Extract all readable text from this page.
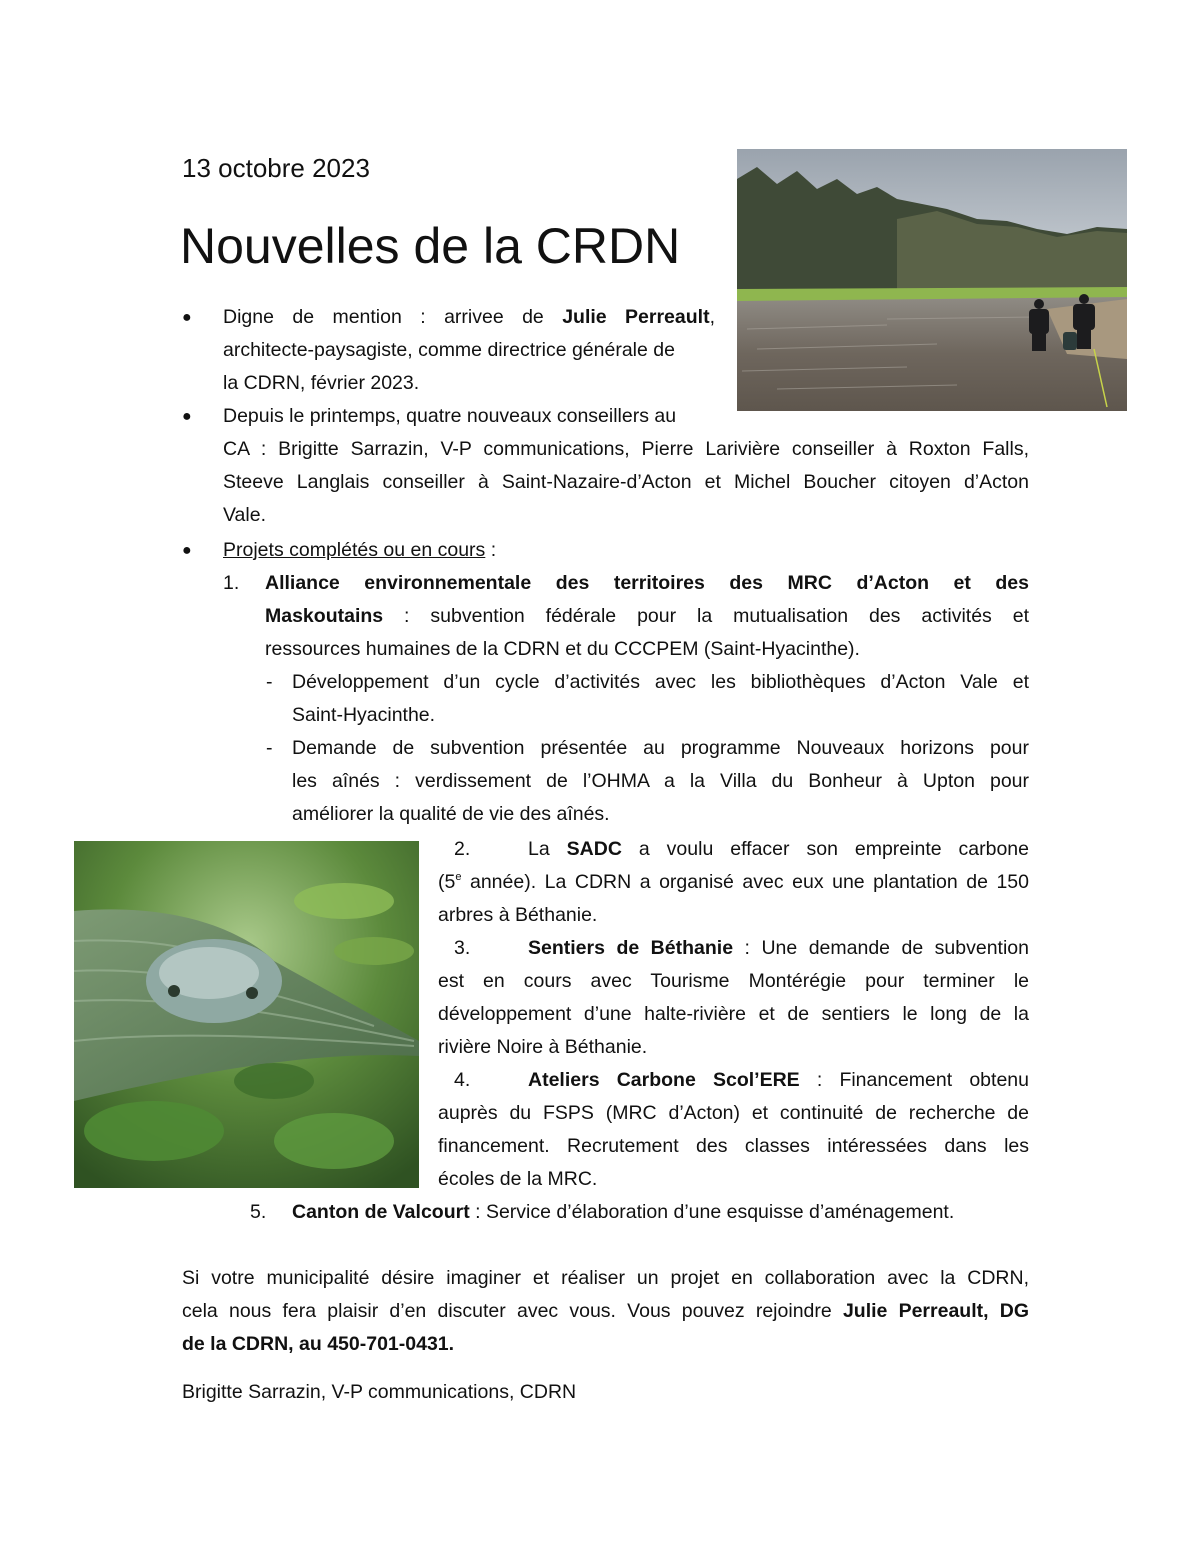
13 octobre 2023
Nouvelles de la CRDN
● Digne de mention : arrivee de Julie Perreault,
architecte-paysagiste, comme directrice générale de
la CDRN, février 2023.
● Depuis le printemps, quatre nouveaux conseillers au
CA : Brigitte Sarrazin, V-P communications, Pierre Larivière conseiller à Roxton Falls,
Steeve Langlais conseiller à Saint-Nazaire-d’Acton et Michel Boucher citoyen d’Acton
Vale.
● Projets complétés ou en cours :
1. Alliance environnementale des territoires des MRC d’Acton et des
Maskoutains : subvention fédérale pour la mutualisation des activités et
ressources humaines de la CDRN et du CCCPEM (Saint-Hyacinthe).
- Développement d’un cycle d’activités avec les bibliothèques d’Acton Vale et
Saint-Hyacinthe.
- Demande de subvention présentée au programme Nouveaux horizons pour
les aînés : verdissement de l’OHMA a la Villa du Bonheur à Upton pour
améliorer la qualité de vie des aînés.
2.	La SADC a voulu effacer son empreinte carbone
(5e année). La CDRN a organisé avec eux une plantation de 150
arbres à Béthanie.
3.	Sentiers de Béthanie : Une demande de subvention
est en cours avec Tourisme Montérégie pour terminer le
développement d’une halte-rivière et de sentiers le long de la
rivière Noire à Béthanie.
4.	Ateliers Carbone Scol’ERE : Financement obtenu
auprès du FSPS (MRC d’Acton) et continuité de recherche de
financement. Recrutement des classes intéressées dans les
écoles de la MRC.
5. Canton de Valcourt : Service d’élaboration d’une esquisse d’aménagement.
Si votre municipalité désire imaginer et réaliser un projet en collaboration avec la CDRN,
cela nous fera plaisir d’en discuter avec vous. Vous pouvez rejoindre Julie Perreault, DG
de la CDRN, au 450-701-0431.
Brigitte Sarrazin, V-P communications, CDRN
